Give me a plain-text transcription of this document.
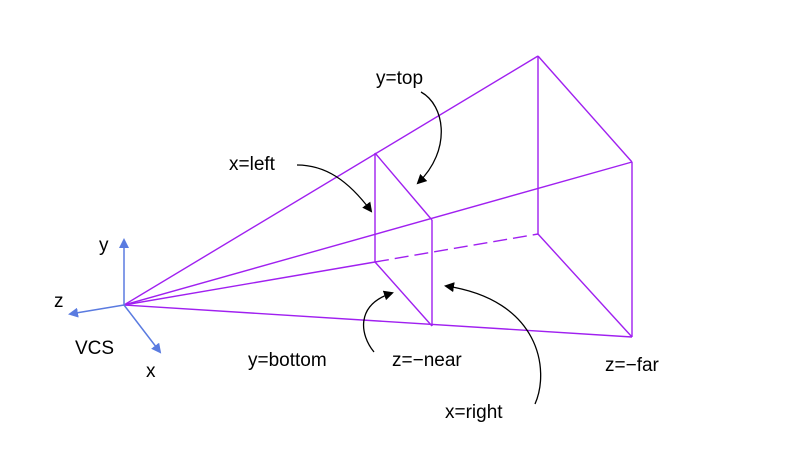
y=top
x=left
y=bottom	z=−near	z=−far
x=right
y
z
VCS
x
